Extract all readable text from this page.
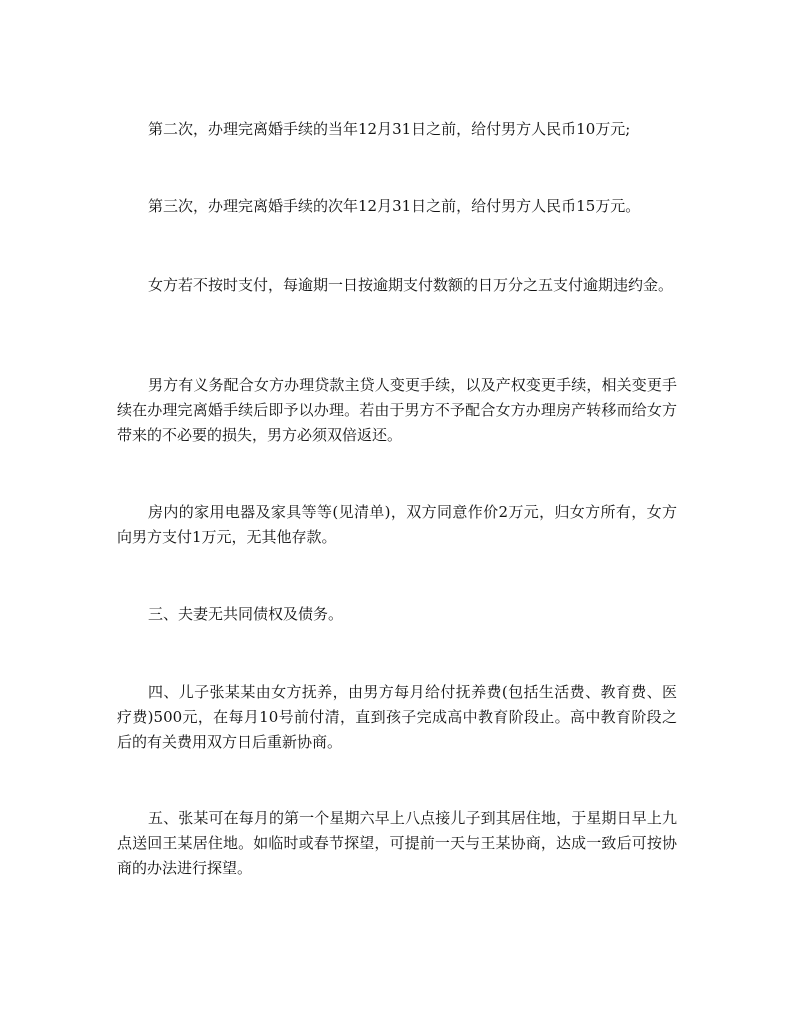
第二次，办理完离婚手续的当年12月31日之前，给付男方人民币10万元;

第三次，办理完离婚手续的次年12月31日之前，给付男方人民币15万元。

女方若不按时支付，每逾期一日按逾期支付数额的日万分之五支付逾期违约金。

男方有义务配合女方办理贷款主贷人变更手续，以及产权变更手续，相关变更手续在办理完离婚手续后即予以办理。若由于男方不予配合女方办理房产转移而给女方带来的不必要的损失，男方必须双倍返还。

房内的家用电器及家具等等(见清单)，双方同意作价2万元，归女方所有，女方向男方支付1万元，无其他存款。

三、夫妻无共同债权及债务。

四、儿子张某某由女方抚养，由男方每月给付抚养费(包括生活费、教育费、医疗费)500元，在每月10号前付清，直到孩子完成高中教育阶段止。高中教育阶段之后的有关费用双方日后重新协商。

五、张某可在每月的第一个星期六早上八点接儿子到其居住地，于星期日早上九点送回王某居住地。如临时或春节探望，可提前一天与王某协商，达成一致后可按协商的办法进行探望。
